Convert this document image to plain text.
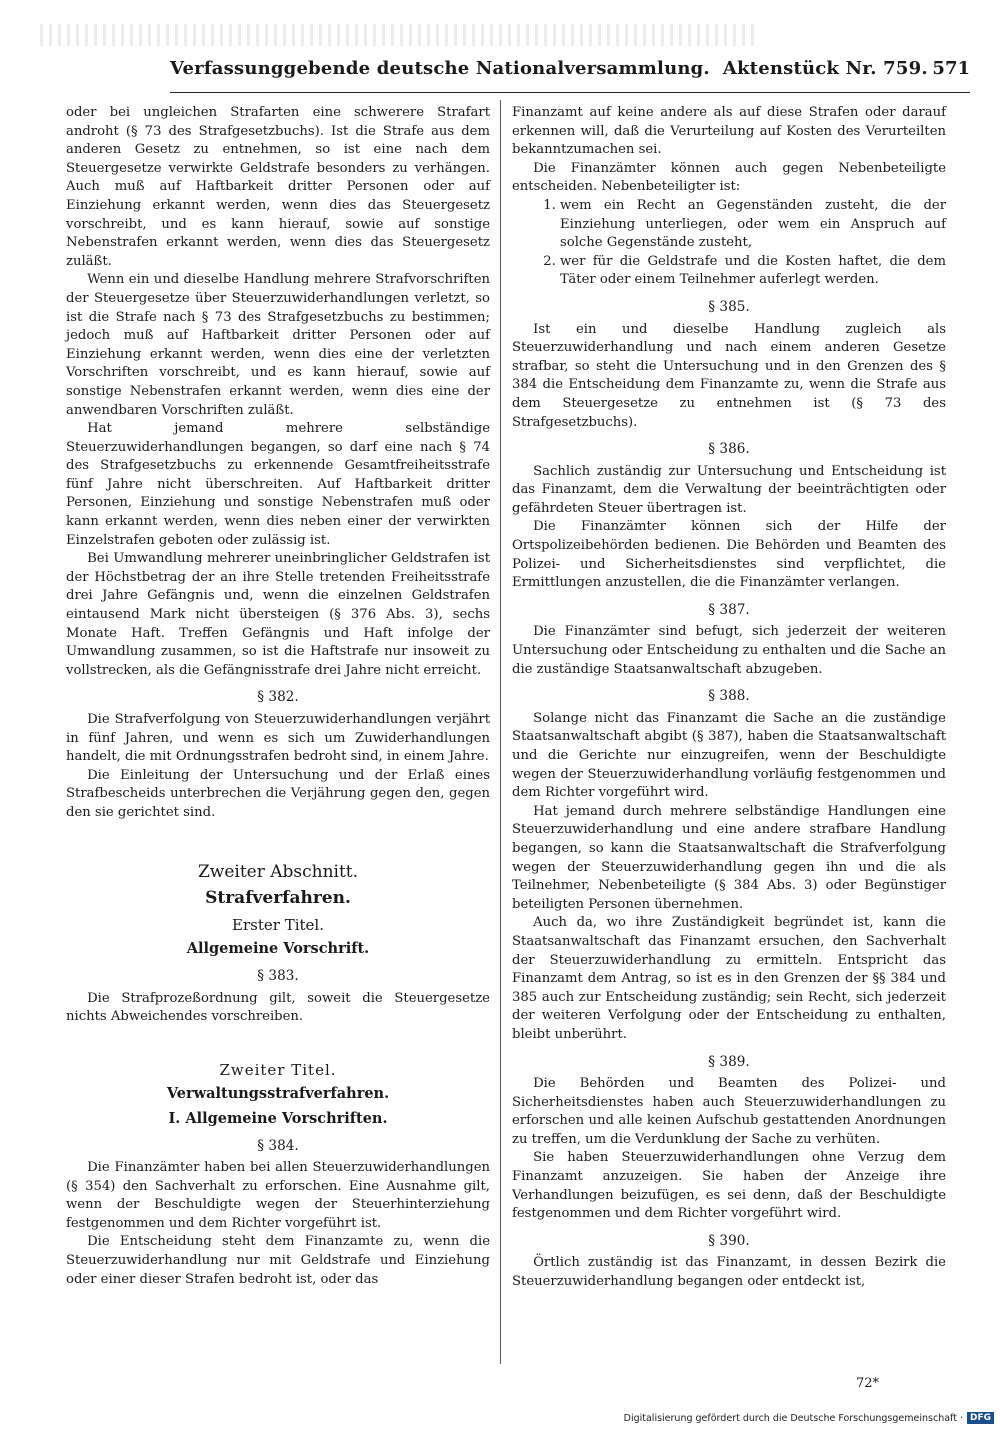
Verfassunggebende deutsche Nationalversammlung. Aktenstück Nr. 759. 571

oder bei ungleichen Strafarten eine schwerere Strafart androht (§ 73 des Strafgesetzbuchs). Ist die Strafe aus dem anderen Gesetz zu entnehmen, so ist eine nach dem Steuergesetze verwirkte Geldstrafe besonders zu verhängen. Auch muß auf Haftbarkeit dritter Personen oder auf Einziehung erkannt werden, wenn dies das Steuergesetz vorschreibt, und es kann hierauf, sowie auf sonstige Nebenstrafen erkannt werden, wenn dies das Steuergesetz zuläßt.

Wenn ein und dieselbe Handlung mehrere Strafvorschriften der Steuergesetze über Steuerzuwiderhandlungen verletzt, so ist die Strafe nach § 73 des Strafgesetzbuchs zu bestimmen; jedoch muß auf Haftbarkeit dritter Personen oder auf Einziehung erkannt werden, wenn dies eine der verletzten Vorschriften vorschreibt, und es kann hierauf, sowie auf sonstige Nebenstrafen erkannt werden, wenn dies eine der anwendbaren Vorschriften zuläßt.

Hat jemand mehrere selbständige Steuerzuwiderhandlungen begangen, so darf eine nach § 74 des Strafgesetzbuchs zu erkennende Gesamtfreiheitsstrafe fünf Jahre nicht überschreiten. Auf Haftbarkeit dritter Personen, Einziehung und sonstige Nebenstrafen muß oder kann erkannt werden, wenn dies neben einer der verwirkten Einzelstrafen geboten oder zulässig ist.

Bei Umwandlung mehrerer uneinbringlicher Geldstrafen ist der Höchstbetrag der an ihre Stelle tretenden Freiheitsstrafe drei Jahre Gefängnis und, wenn die einzelnen Geldstrafen eintausend Mark nicht übersteigen (§ 376 Abs. 3), sechs Monate Haft. Treffen Gefängnis und Haft infolge der Umwandlung zusammen, so ist die Haftstrafe nur insoweit zu vollstrecken, als die Gefängnisstrafe drei Jahre nicht erreicht.

§ 382.

Die Strafverfolgung von Steuerzuwiderhandlungen verjährt in fünf Jahren, und wenn es sich um Zuwiderhandlungen handelt, die mit Ordnungsstrafen bedroht sind, in einem Jahre.

Die Einleitung der Untersuchung und der Erlaß eines Strafbescheids unterbrechen die Verjährung gegen den, gegen den sie gerichtet sind.

Zweiter Abschnitt.
Strafverfahren.
Erster Titel.
Allgemeine Vorschrift.
§ 383.

Die Strafprozeßordnung gilt, soweit die Steuergesetze nichts Abweichendes vorschreiben.

Zweiter Titel.
Verwaltungsstrafverfahren.
I. Allgemeine Vorschriften.
§ 384.

Die Finanzämter haben bei allen Steuerzuwiderhandlungen (§ 354) den Sachverhalt zu erforschen. Eine Ausnahme gilt, wenn der Beschuldigte wegen der Steuerhinterziehung festgenommen und dem Richter vorgeführt ist.

Die Entscheidung steht dem Finanzamte zu, wenn die Steuerzuwiderhandlung nur mit Geldstrafe und Einziehung oder einer dieser Strafen bedroht ist, oder das

Finanzamt auf keine andere als auf diese Strafen oder darauf erkennen will, daß die Verurteilung auf Kosten des Verurteilten bekanntzumachen sei.

Die Finanzämter können auch gegen Nebenbeteiligte entscheiden. Nebenbeteiligter ist:

1. wem ein Recht an Gegenständen zusteht, die der Einziehung unterliegen, oder wem ein Anspruch auf solche Gegenstände zusteht,
2. wer für die Geldstrafe und die Kosten haftet, die dem Täter oder einem Teilnehmer auferlegt werden.
§ 385.

Ist ein und dieselbe Handlung zugleich als Steuerzuwiderhandlung und nach einem anderen Gesetze strafbar, so steht die Untersuchung und in den Grenzen des § 384 die Entscheidung dem Finanzamte zu, wenn die Strafe aus dem Steuergesetze zu entnehmen ist (§ 73 des Strafgesetzbuchs).

§ 386.

Sachlich zuständig zur Untersuchung und Entscheidung ist das Finanzamt, dem die Verwaltung der beeinträchtigten oder gefährdeten Steuer übertragen ist.

Die Finanzämter können sich der Hilfe der Ortspolizeibehörden bedienen. Die Behörden und Beamten des Polizei- und Sicherheitsdienstes sind verpflichtet, die Ermittlungen anzustellen, die die Finanzämter verlangen.

§ 387.

Die Finanzämter sind befugt, sich jederzeit der weiteren Untersuchung oder Entscheidung zu enthalten und die Sache an die zuständige Staatsanwaltschaft abzugeben.

§ 388.

Solange nicht das Finanzamt die Sache an die zuständige Staatsanwaltschaft abgibt (§ 387), haben die Staatsanwaltschaft und die Gerichte nur einzugreifen, wenn der Beschuldigte wegen der Steuerzuwiderhandlung vorläufig festgenommen und dem Richter vorgeführt wird.

Hat jemand durch mehrere selbständige Handlungen eine Steuerzuwiderhandlung und eine andere strafbare Handlung begangen, so kann die Staatsanwaltschaft die Strafverfolgung wegen der Steuerzuwiderhandlung gegen ihn und die als Teilnehmer, Nebenbeteiligte (§ 384 Abs. 3) oder Begünstiger beteiligten Personen übernehmen.

Auch da, wo ihre Zuständigkeit begründet ist, kann die Staatsanwaltschaft das Finanzamt ersuchen, den Sachverhalt der Steuerzuwiderhandlung zu ermitteln. Entspricht das Finanzamt dem Antrag, so ist es in den Grenzen der §§ 384 und 385 auch zur Entscheidung zuständig; sein Recht, sich jederzeit der weiteren Verfolgung oder der Entscheidung zu enthalten, bleibt unberührt.

§ 389.

Die Behörden und Beamten des Polizei- und Sicherheitsdienstes haben auch Steuerzuwiderhandlungen zu erforschen und alle keinen Aufschub gestattenden Anordnungen zu treffen, um die Verdunklung der Sache zu verhüten.

Sie haben Steuerzuwiderhandlungen ohne Verzug dem Finanzamt anzuzeigen. Sie haben der Anzeige ihre Verhandlungen beizufügen, es sei denn, daß der Beschuldigte festgenommen und dem Richter vorgeführt wird.

§ 390.

Örtlich zuständig ist das Finanzamt, in dessen Bezirk die Steuerzuwiderhandlung begangen oder entdeckt ist,

72*
Digitalisierung gefördert durch die Deutsche Forschungsgemeinschaft · DFG
